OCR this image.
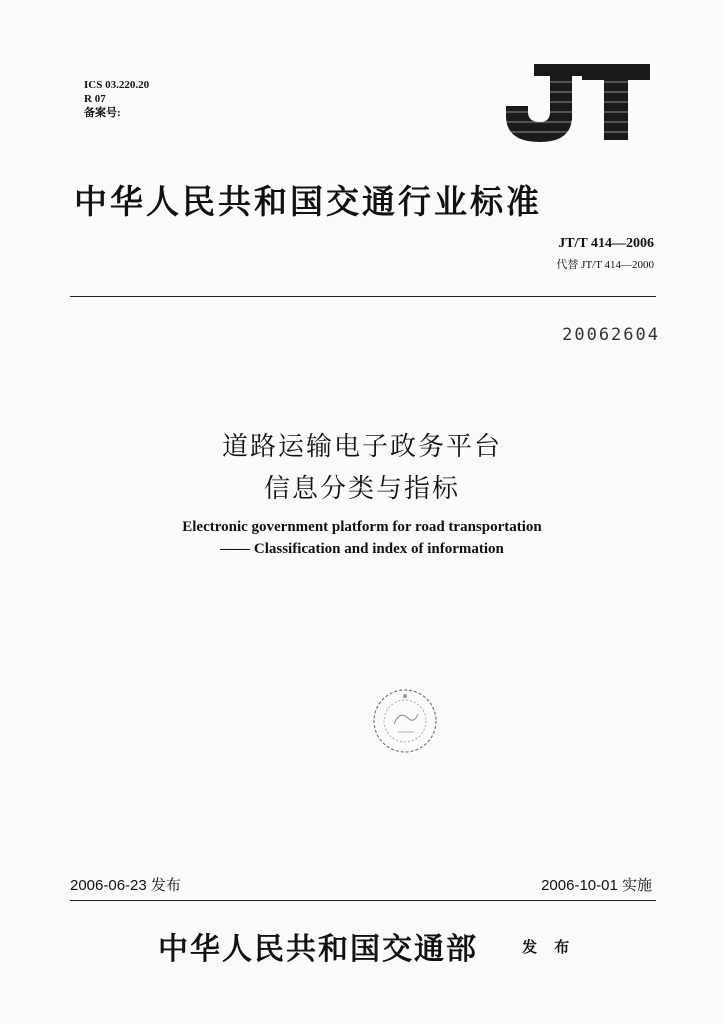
ICS 03.220.20
R 07
备案号:
中华人民共和国交通行业标准
JT/T 414—2006
代替 JT/T 414—2000
20062604
道路运输电子政务平台
信息分类与指标
Electronic government platform for road transportation
—— Classification and index of information
2006-06-23 发布	2006-10-01 实施
中华人民共和国交通部	发 布
